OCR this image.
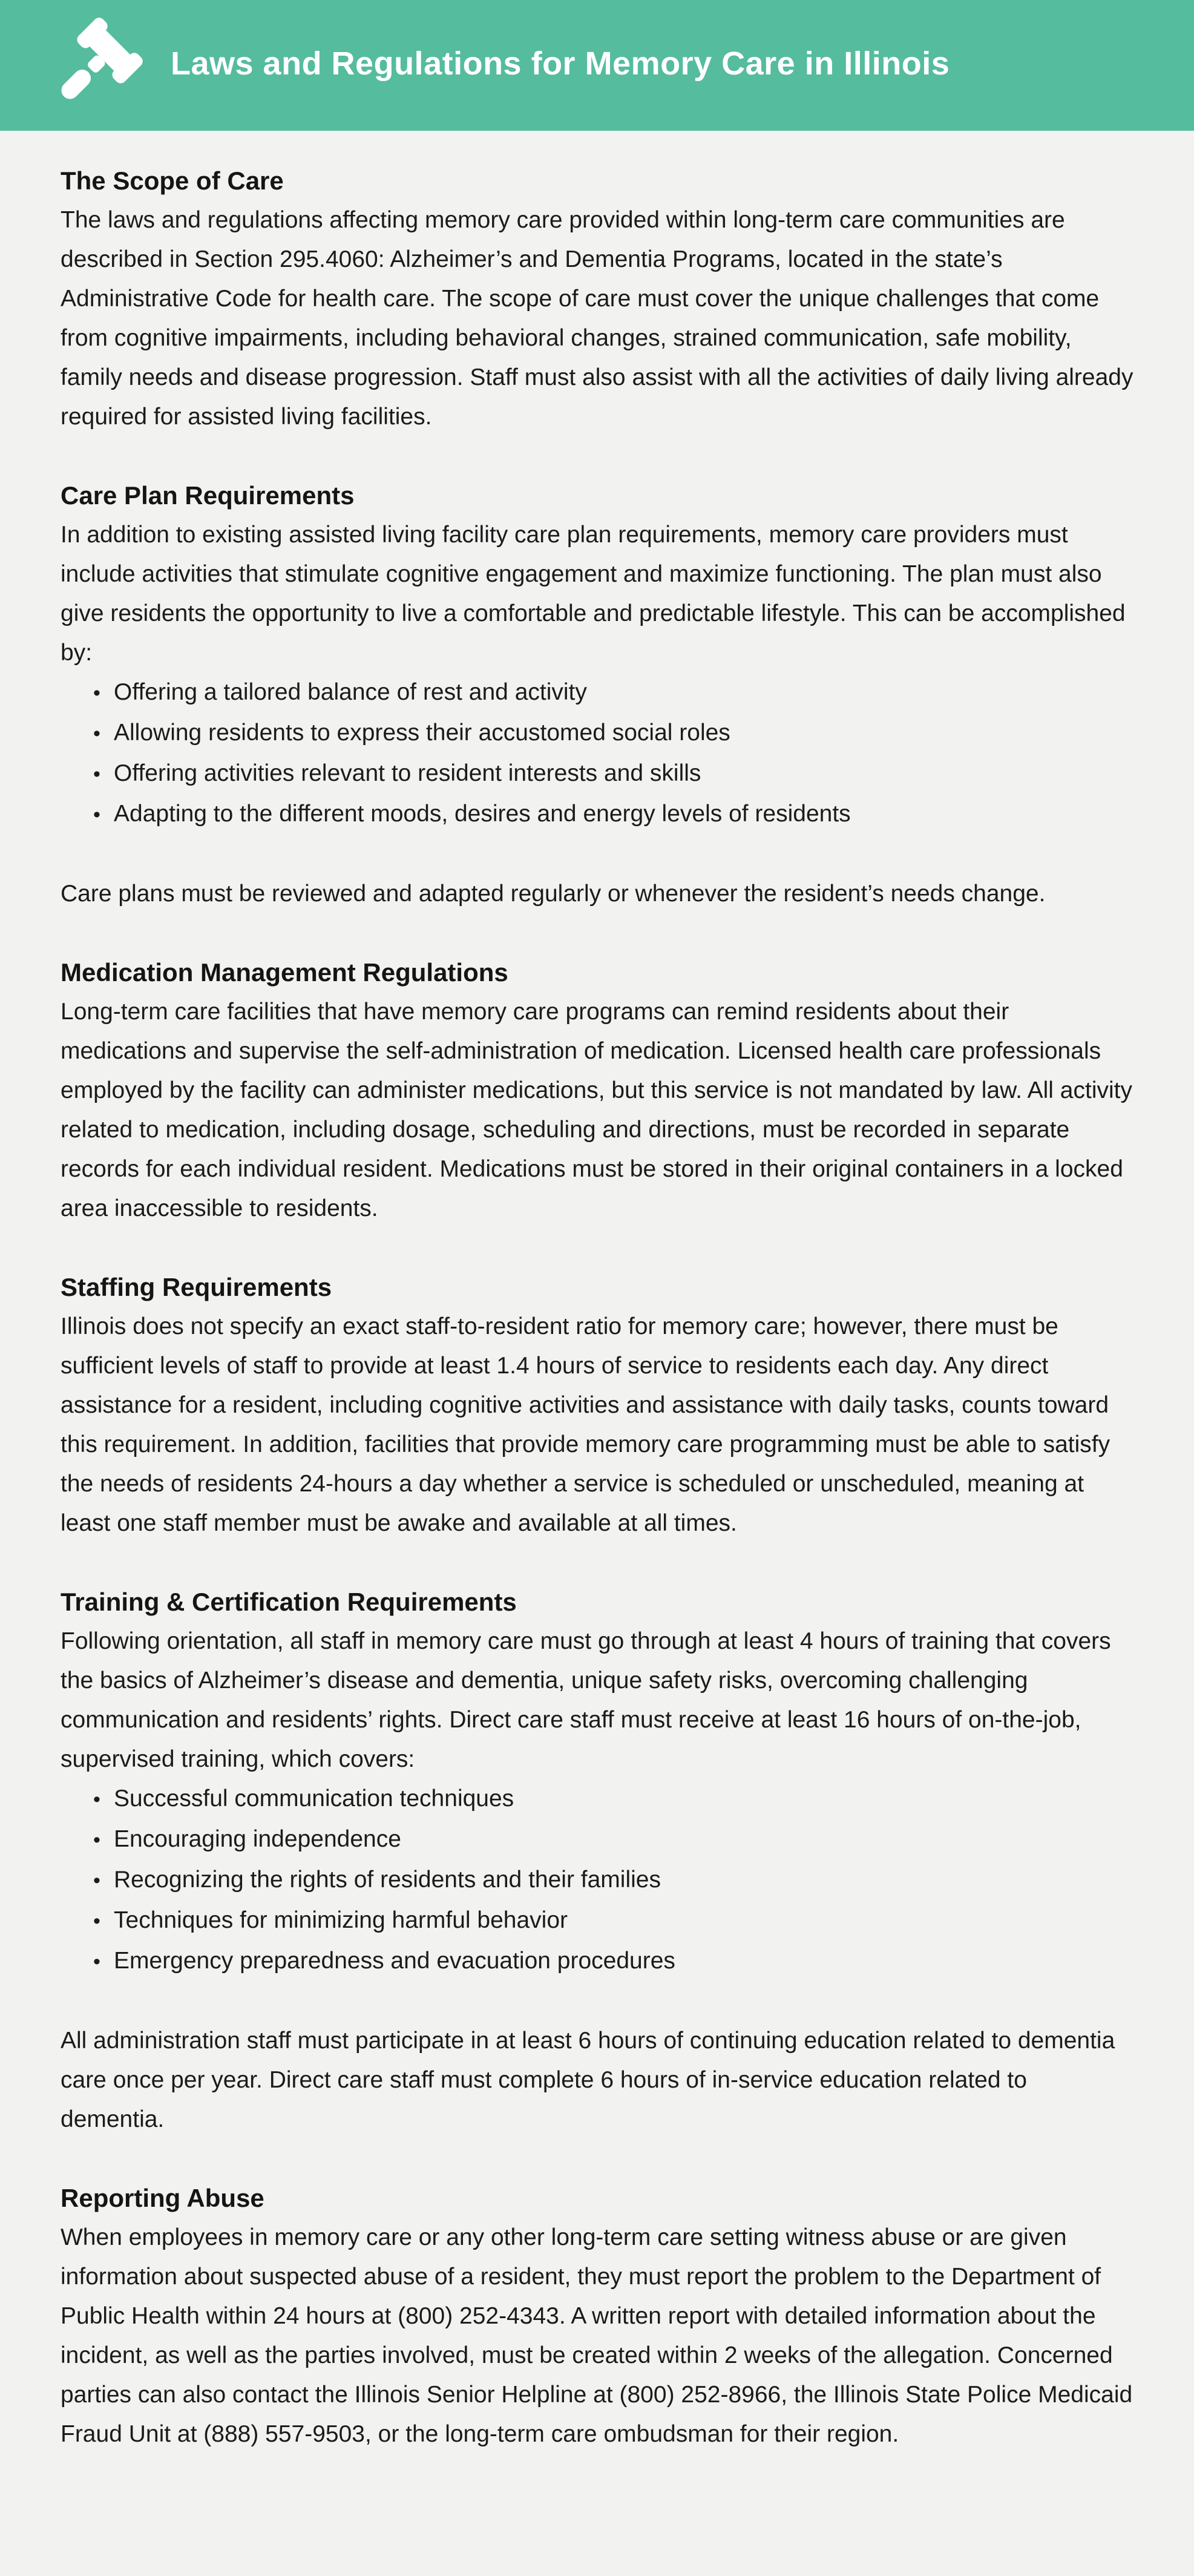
Laws and Regulations for Memory Care in Illinois
The Scope of Care

The laws and regulations affecting memory care provided within long-term care communities are described in Section 295.4060: Alzheimer’s and Dementia Programs, located in the state’s Administrative Code for health care. The scope of care must cover the unique challenges that come from cognitive impairments, including behavioral changes, strained communication, safe mobility, family needs and disease progression. Staff must also assist with all the activities of daily living already required for assisted living facilities.

Care Plan Requirements

In addition to existing assisted living facility care plan requirements, memory care providers must include activities that stimulate cognitive engagement and maximize functioning. The plan must also give residents the opportunity to live a comfortable and predictable lifestyle. This can be accomplished by:

• Offering a tailored balance of rest and activity
• Allowing residents to express their accustomed social roles
• Offering activities relevant to resident interests and skills
• Adapting to the different moods, desires and energy levels of residents

Care plans must be reviewed and adapted regularly or whenever the resident’s needs change.

Medication Management Regulations

Long-term care facilities that have memory care programs can remind residents about their medications and supervise the self-administration of medication. Licensed health care professionals employed by the facility can administer medications, but this service is not mandated by law. All activity related to medication, including dosage, scheduling and directions, must be recorded in separate records for each individual resident. Medications must be stored in their original containers in a locked area inaccessible to residents.

Staffing Requirements

Illinois does not specify an exact staff-to-resident ratio for memory care; however, there must be sufficient levels of staff to provide at least 1.4 hours of service to residents each day. Any direct assistance for a resident, including cognitive activities and assistance with daily tasks, counts toward this requirement. In addition, facilities that provide memory care programming must be able to satisfy the needs of residents 24-hours a day whether a service is scheduled or unscheduled, meaning at least one staff member must be awake and available at all times.

Training & Certification Requirements

Following orientation, all staff in memory care must go through at least 4 hours of training that covers the basics of Alzheimer’s disease and dementia, unique safety risks, overcoming challenging communication and residents’ rights. Direct care staff must receive at least 16 hours of on-the-job, supervised training, which covers:

• Successful communication techniques
• Encouraging independence
• Recognizing the rights of residents and their families
• Techniques for minimizing harmful behavior
• Emergency preparedness and evacuation procedures

All administration staff must participate in at least 6 hours of continuing education related to dementia care once per year. Direct care staff must complete 6 hours of in-service education related to dementia.

Reporting Abuse

When employees in memory care or any other long-term care setting witness abuse or are given information about suspected abuse of a resident, they must report the problem to the Department of Public Health within 24 hours at (800) 252-4343. A written report with detailed information about the incident, as well as the parties involved, must be created within 2 weeks of the allegation. Concerned parties can also contact the Illinois Senior Helpline at (800) 252-8966, the Illinois State Police Medicaid Fraud Unit at (888) 557-9503, or the long-term care ombudsman for their region.
